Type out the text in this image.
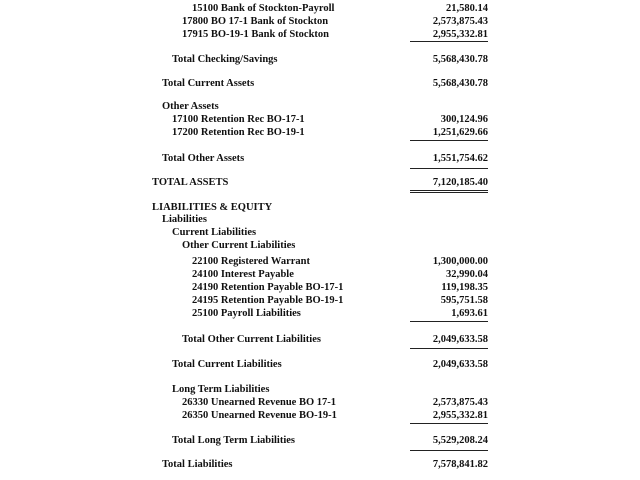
15100 Bank of Stockton-Payroll	21,580.14
17800 BO 17-1 Bank of Stockton	2,573,875.43
17915 BO-19-1 Bank of Stockton	2,955,332.81
Total Checking/Savings	5,568,430.78
Total Current Assets	5,568,430.78
Other Assets
17100 Retention Rec BO-17-1	300,124.96
17200 Retention Rec BO-19-1	1,251,629.66
Total Other Assets	1,551,754.62
TOTAL ASSETS	7,120,185.40
LIABILITIES & EQUITY
Liabilities
Current Liabilities
Other Current Liabilities
22100 Registered Warrant	1,300,000.00
24100 Interest Payable	32,990.04
24190 Retention Payable BO-17-1	119,198.35
24195 Retention Payable BO-19-1	595,751.58
25100 Payroll Liabilities	1,693.61
Total Other Current Liabilities	2,049,633.58
Total Current Liabilities	2,049,633.58
Long Term Liabilities
26330 Unearned Revenue BO 17-1	2,573,875.43
26350 Unearned Revenue BO-19-1	2,955,332.81
Total Long Term Liabilities	5,529,208.24
Total Liabilities	7,578,841.82
